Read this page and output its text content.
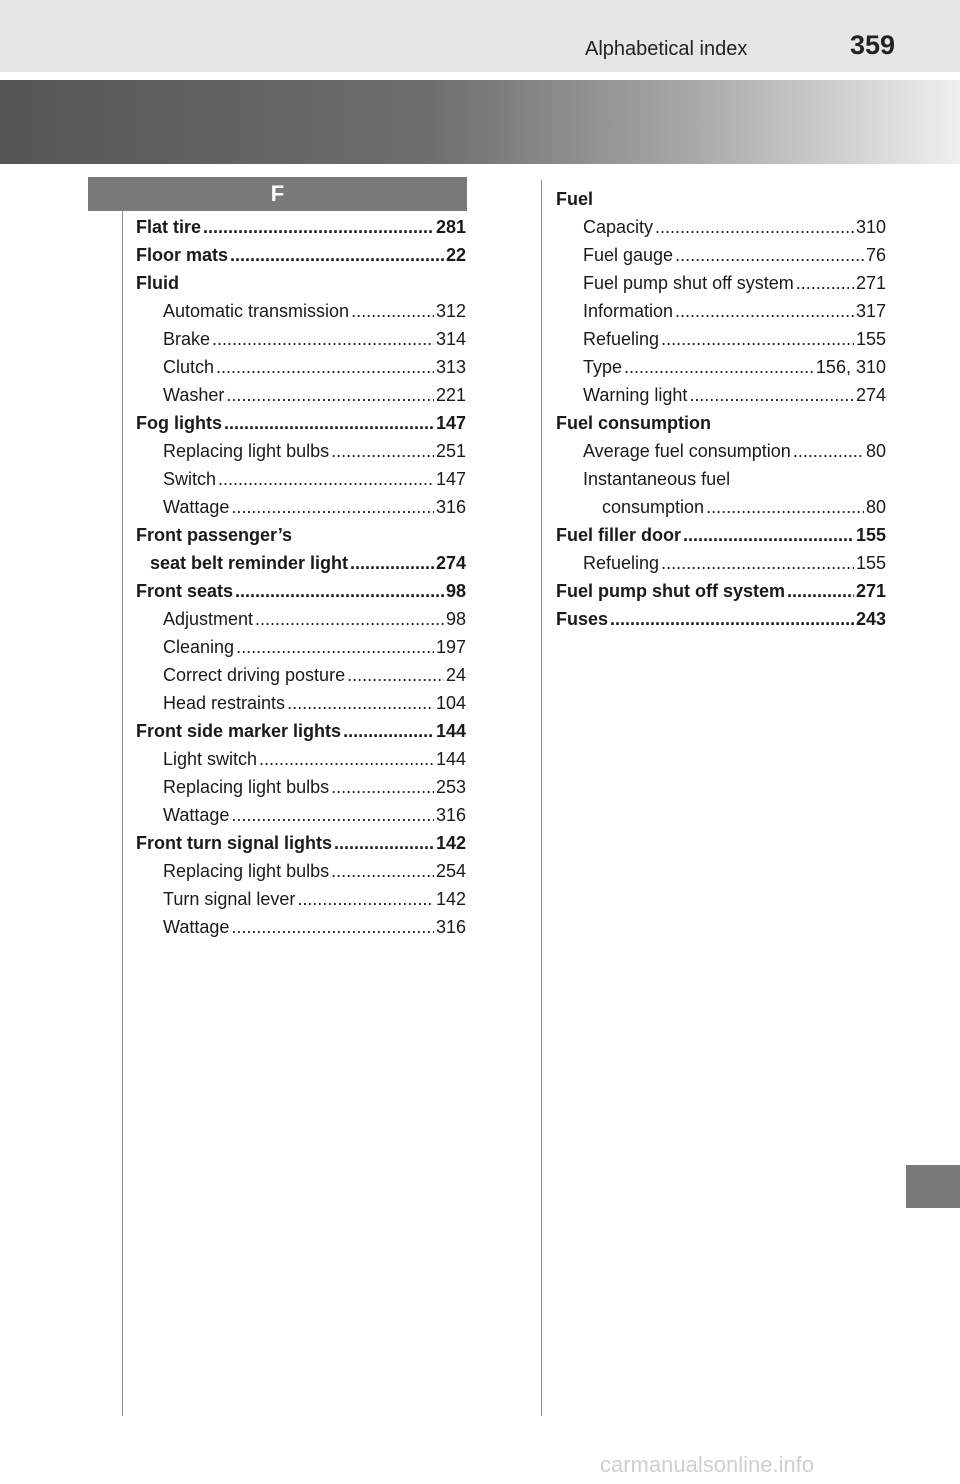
Alphabetical index	359
F
Flat tire .....	281
Floor mats .....	22
Fluid
Automatic transmission .....	312
Brake .....	314
Clutch .....	313
Washer .....	221
Fog lights .....	147
Replacing light bulbs .....	251
Switch .....	147
Wattage .....	316
Front passenger’s
seat belt reminder light .....	274
Front seats .....	98
Adjustment .....	98
Cleaning .....	197
Correct driving posture .....	24
Head restraints .....	104
Front side marker lights .....	144
Light switch .....	144
Replacing light bulbs .....	253
Wattage .....	316
Front turn signal lights .....	142
Replacing light bulbs .....	254
Turn signal lever .....	142
Wattage .....	316
Fuel
Capacity .....	310
Fuel gauge .....	76
Fuel pump shut off system .....	271
Information .....	317
Refueling .....	155
Type .....	156, 310
Warning light .....	274
Fuel consumption
Average fuel consumption .....	80
Instantaneous fuel
consumption .....	80
Fuel filler door .....	155
Refueling .....	155
Fuel pump shut off system .....	271
Fuses .....	243
carmanualsonline.info
